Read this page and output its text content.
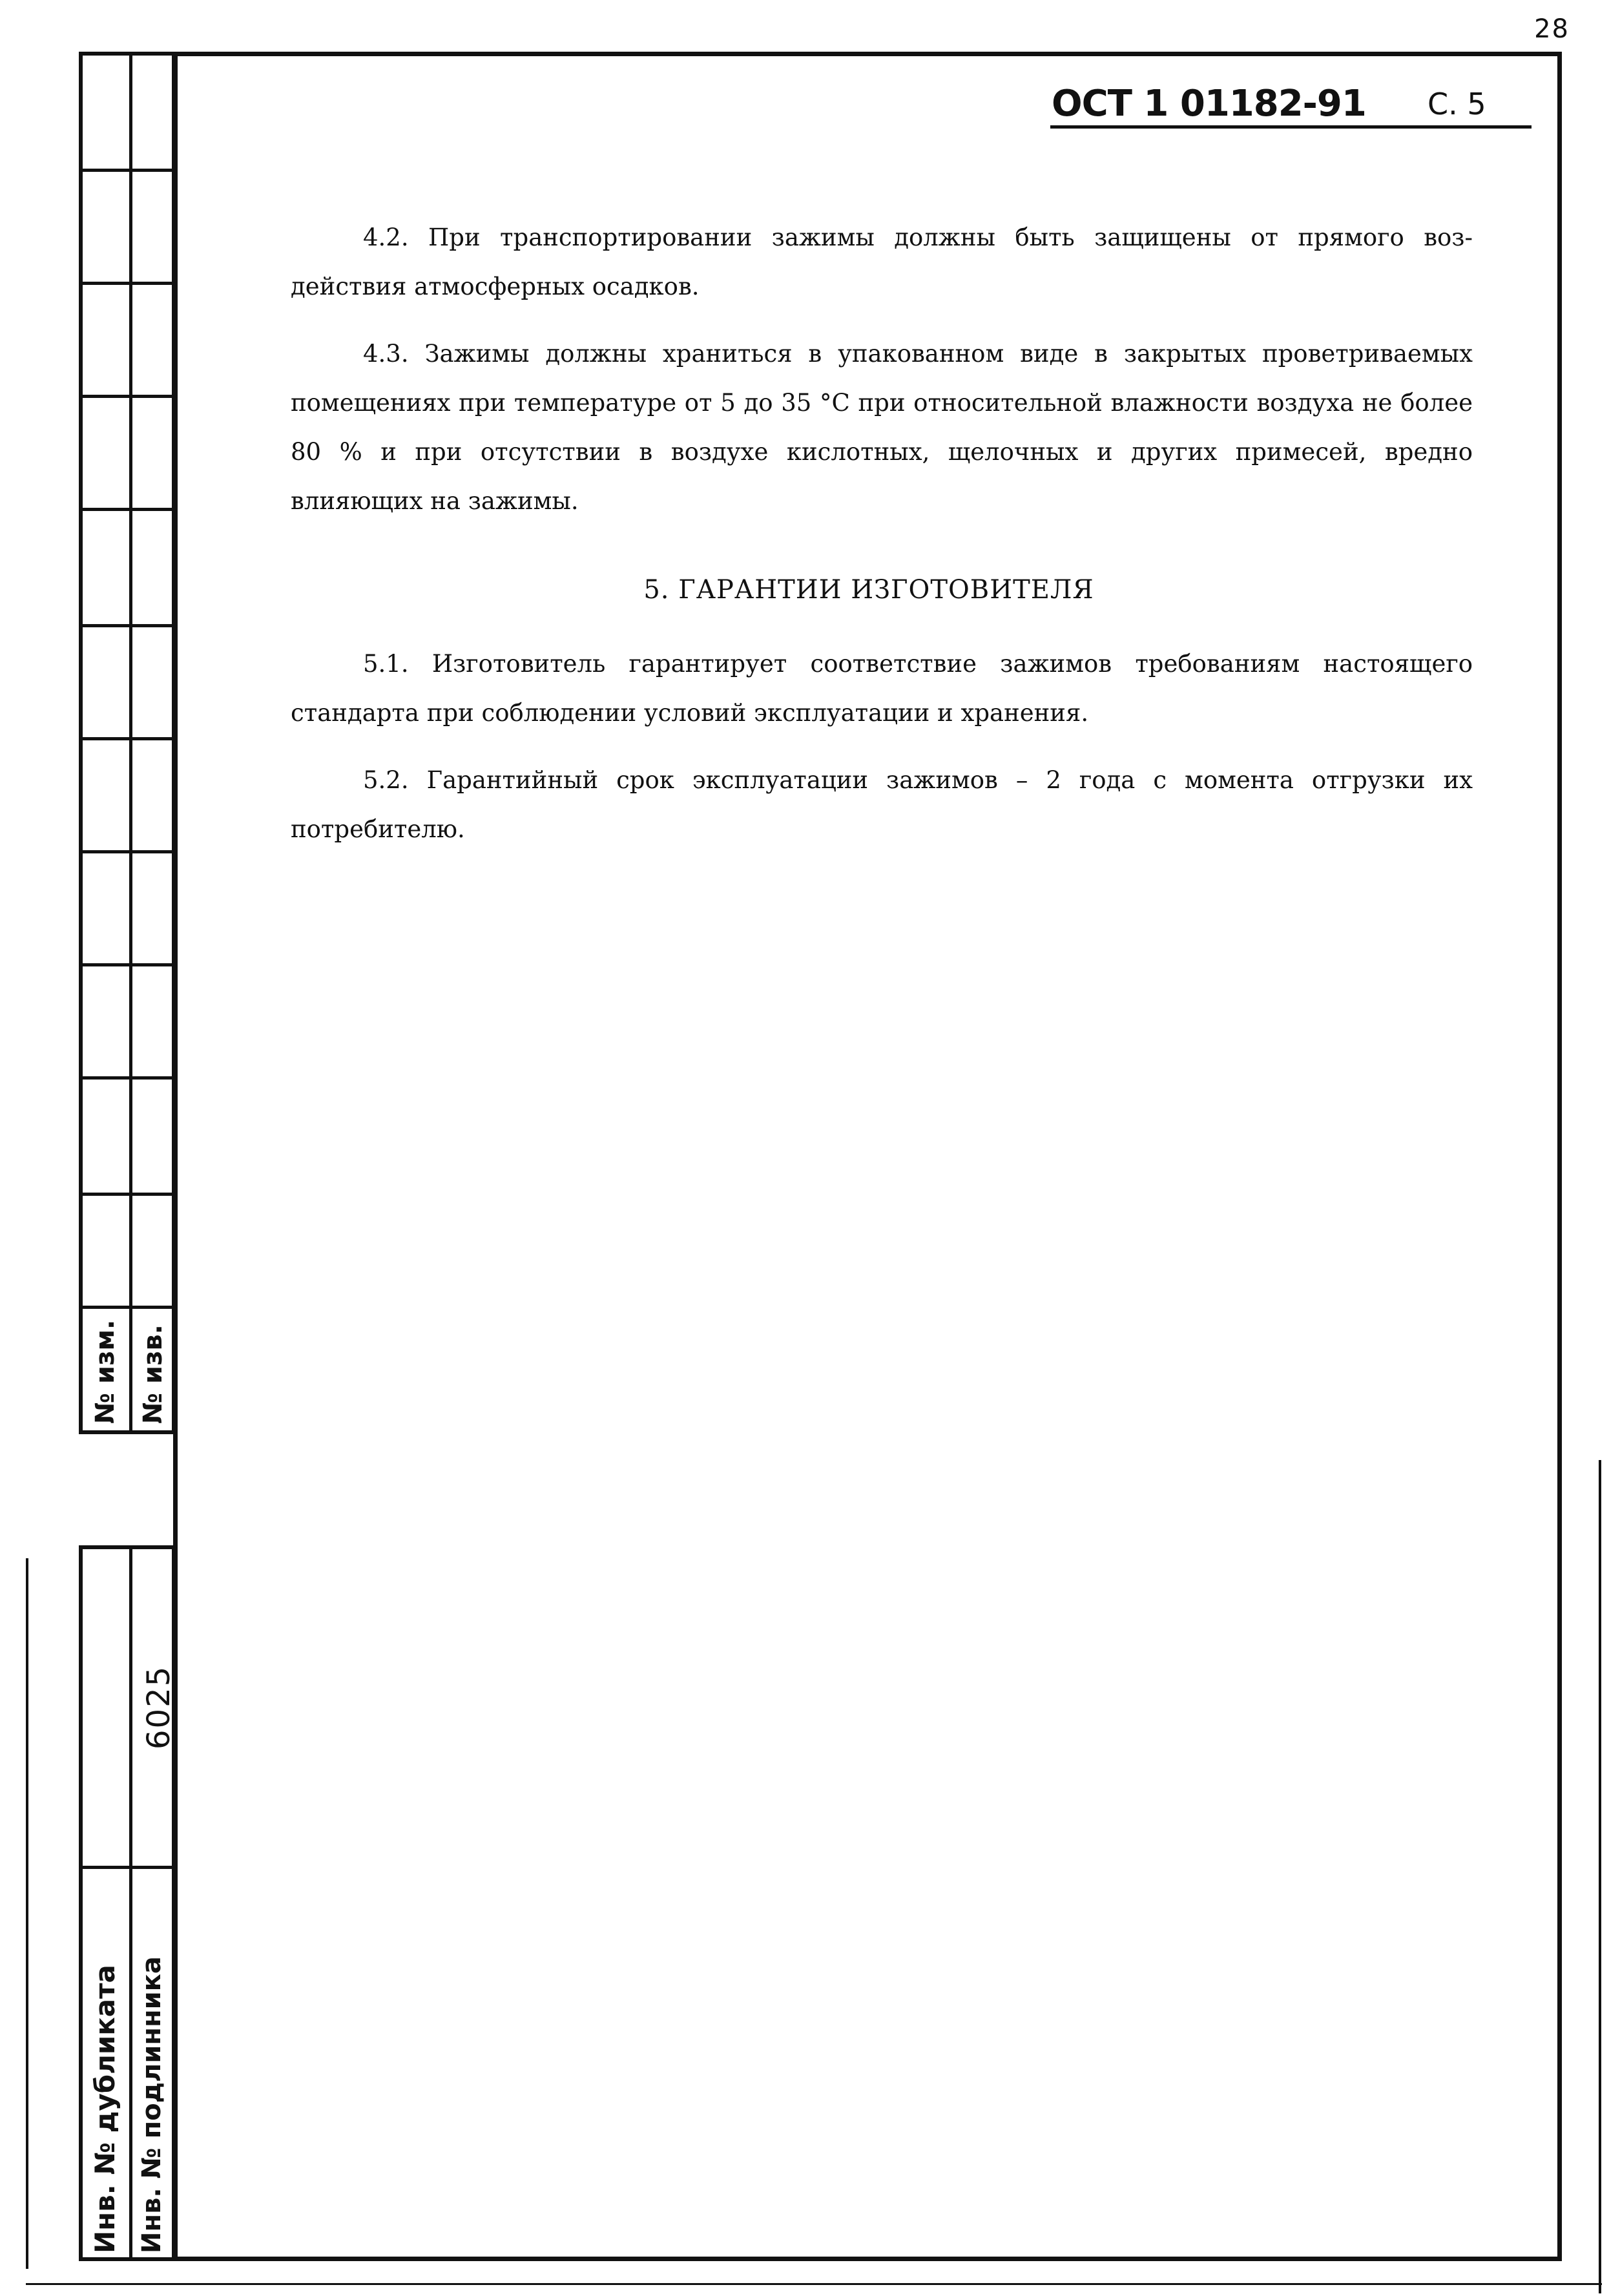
28
№ изм. № изв.
6025
Инв. № дубликата Инв. № подлинника
ОСТ 1 01182-91 С. 5
4.2. При транспортировании зажимы должны быть защищены от прямого воз-действия атмосферных осадков.
4.3. Зажимы должны храниться в упакованном виде в закрытых проветриваемых помещениях при температуре от 5 до 35 °С при относительной влажности воздуха не более 80 % и при отсутствии в воздухе кислотных, щелочных и других примесей, вредно влияющих на зажимы.
5. ГАРАНТИИ ИЗГОТОВИТЕЛЯ
5.1. Изготовитель гарантирует соответствие зажимов требованиям настоящего стандарта при соблюдении условий эксплуатации и хранения.
5.2. Гарантийный срок эксплуатации зажимов – 2 года с момента отгрузки их потребителю.
